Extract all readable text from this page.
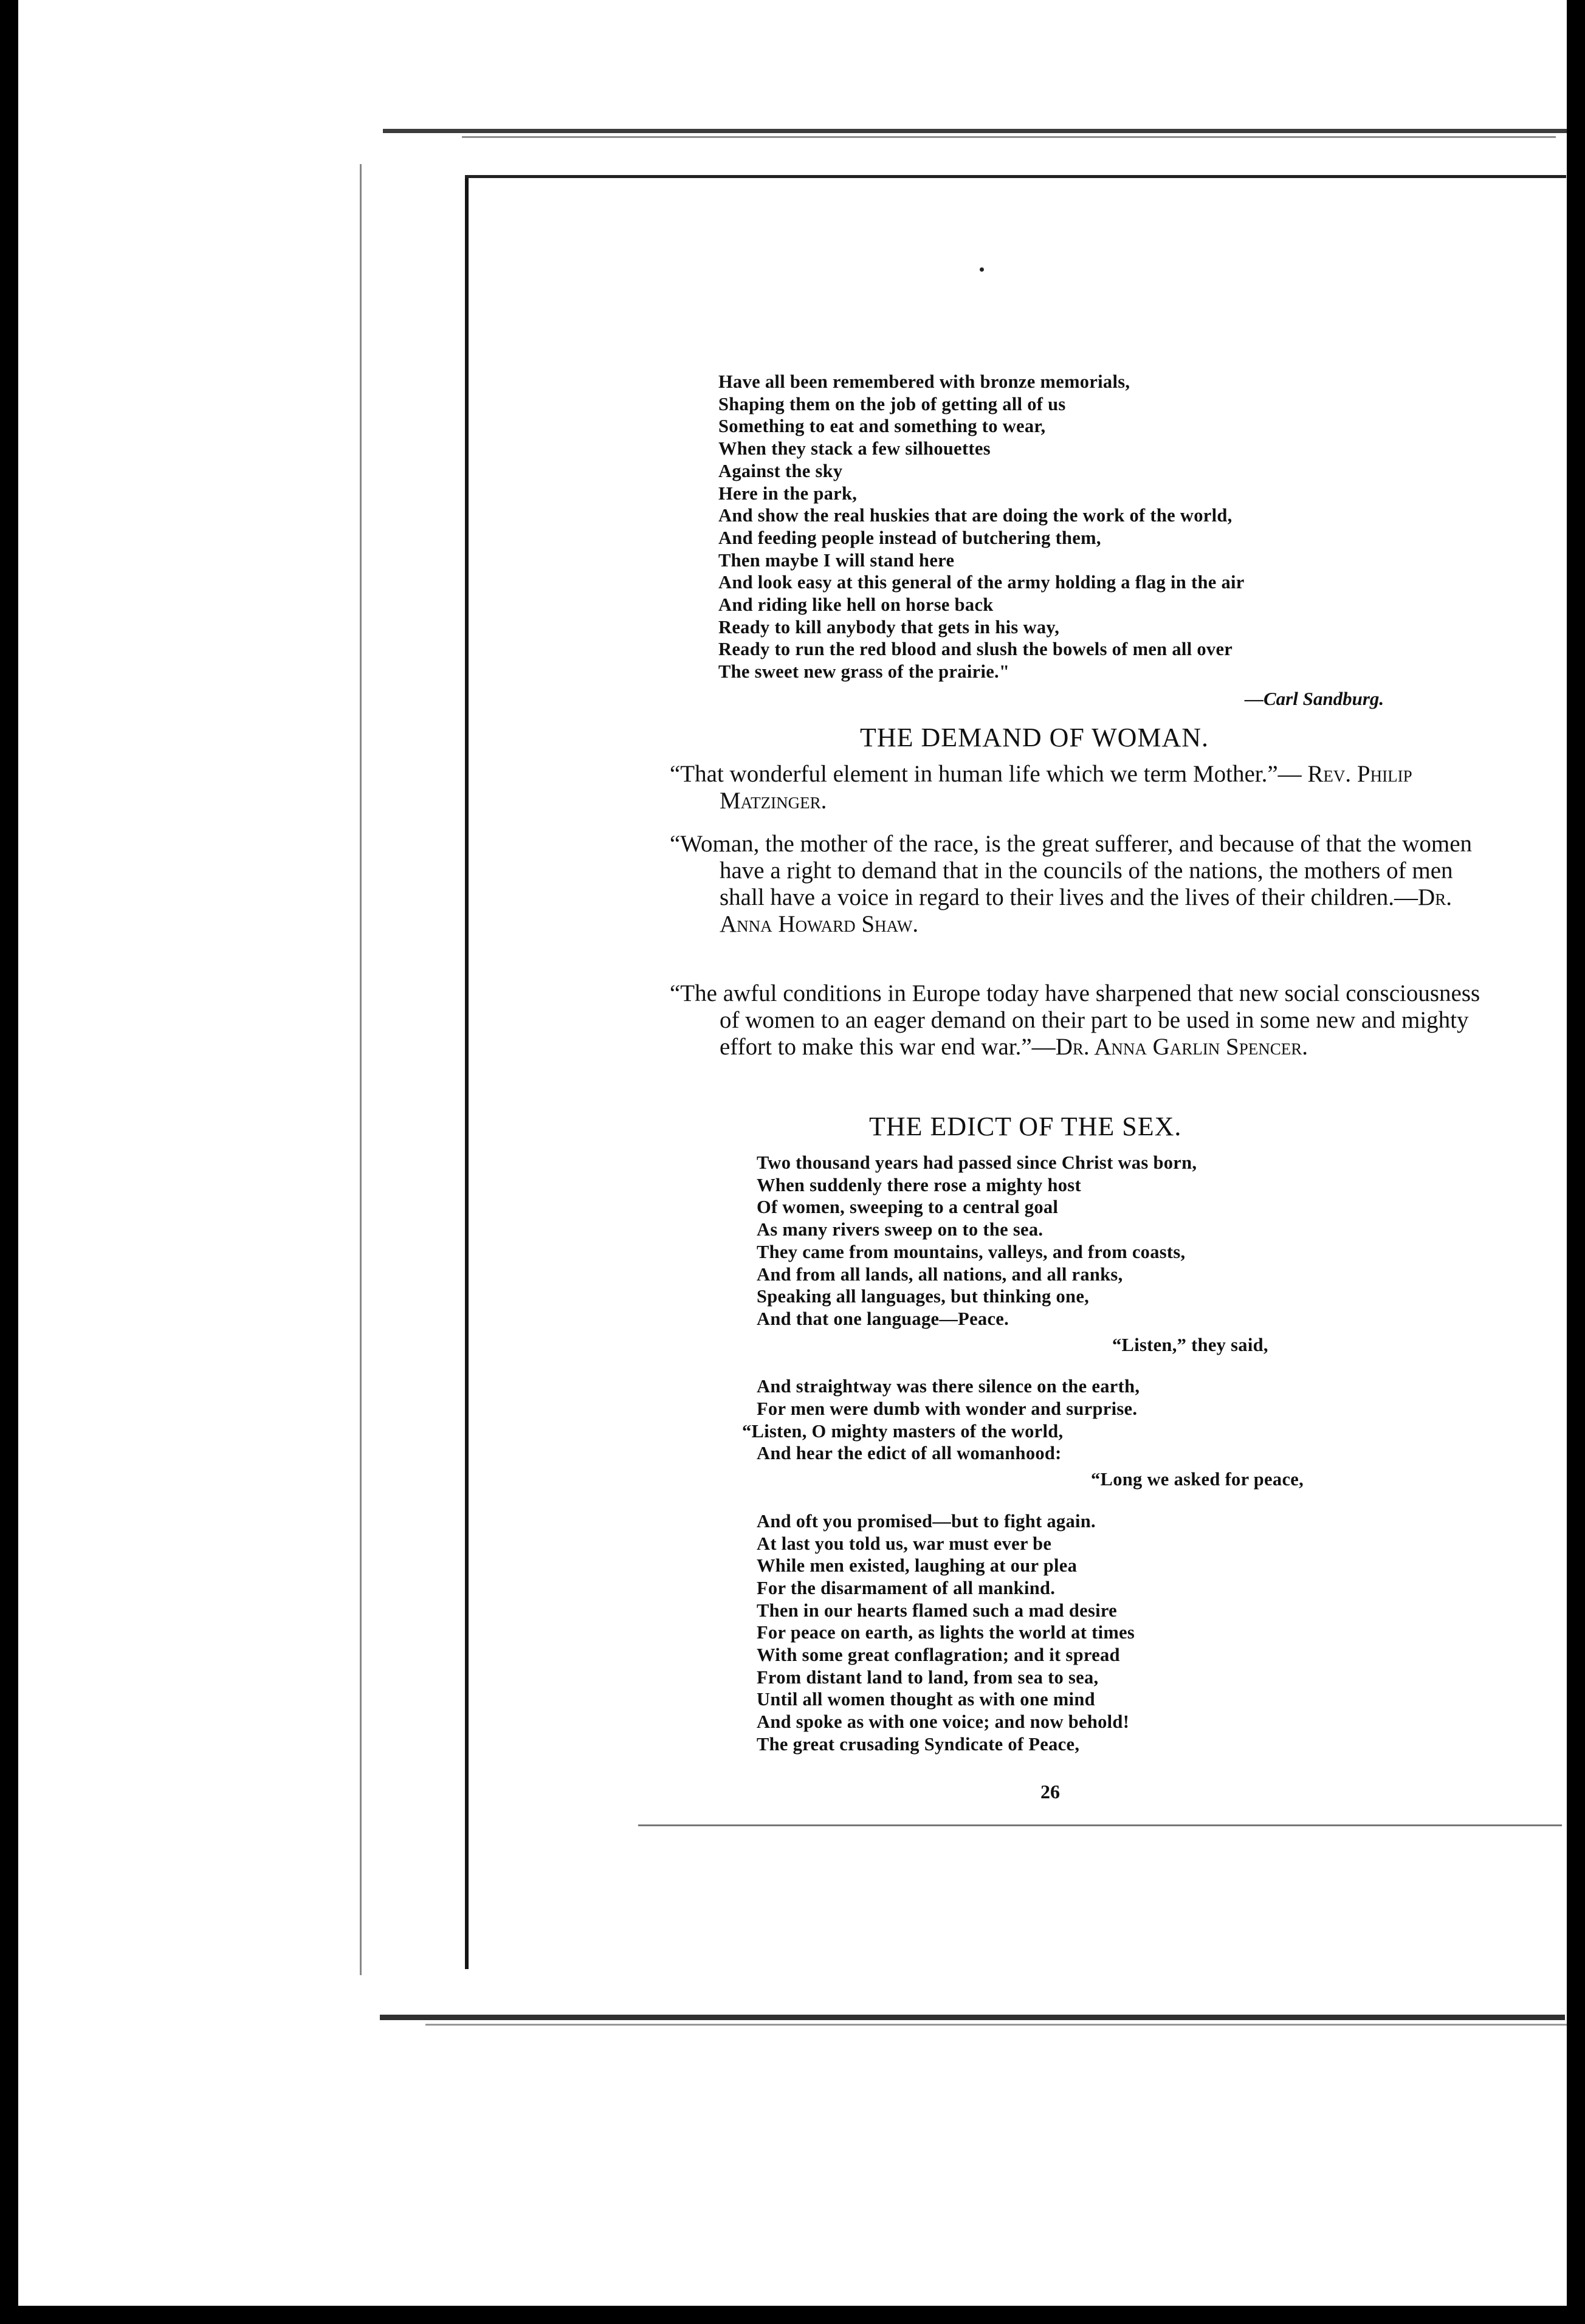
Have all been remembered with bronze memorials,
Shaping them on the job of getting all of us
Something to eat and something to wear,
When they stack a few silhouettes
Against the sky
Here in the park,
And show the real huskies that are doing the work of the world,
And feeding people instead of butchering them,
Then maybe I will stand here
And look easy at this general of the army holding a flag in the air
And riding like hell on horse back
Ready to kill anybody that gets in his way,
Ready to run the red blood and slush the bowels of men all over
The sweet new grass of the prairie."
—Carl Sandburg.
THE DEMAND OF WOMAN.

“That wonderful element in human life which we term Mother.”— Rev. Philip Matzinger.

“Woman, the mother of the race, is the great sufferer, and because of that the women have a right to demand that in the councils of the nations, the mothers of men shall have a voice in regard to their lives and the lives of their children.—Dr. Anna Howard Shaw.

“The awful conditions in Europe today have sharpened that new social consciousness of women to an eager demand on their part to be used in some new and mighty effort to make this war end war.”—Dr. Anna Garlin Spencer.

THE EDICT OF THE SEX.
Two thousand years had passed since Christ was born,
When suddenly there rose a mighty host
Of women, sweeping to a central goal
As many rivers sweep on to the sea.
They came from mountains, valleys, and from coasts,
And from all lands, all nations, and all ranks,
Speaking all languages, but thinking one,
And that one language—Peace.
“Listen,” they said,
And straightway was there silence on the earth,
For men were dumb with wonder and surprise.
“Listen, O mighty masters of the world,
And hear the edict of all womanhood:
“Long we asked for peace,
And oft you promised—but to fight again.
At last you told us, war must ever be
While men existed, laughing at our plea
For the disarmament of all mankind.
Then in our hearts flamed such a mad desire
For peace on earth, as lights the world at times
With some great conflagration; and it spread
From distant land to land, from sea to sea,
Until all women thought as with one mind
And spoke as with one voice; and now behold!
The great crusading Syndicate of Peace,
26
